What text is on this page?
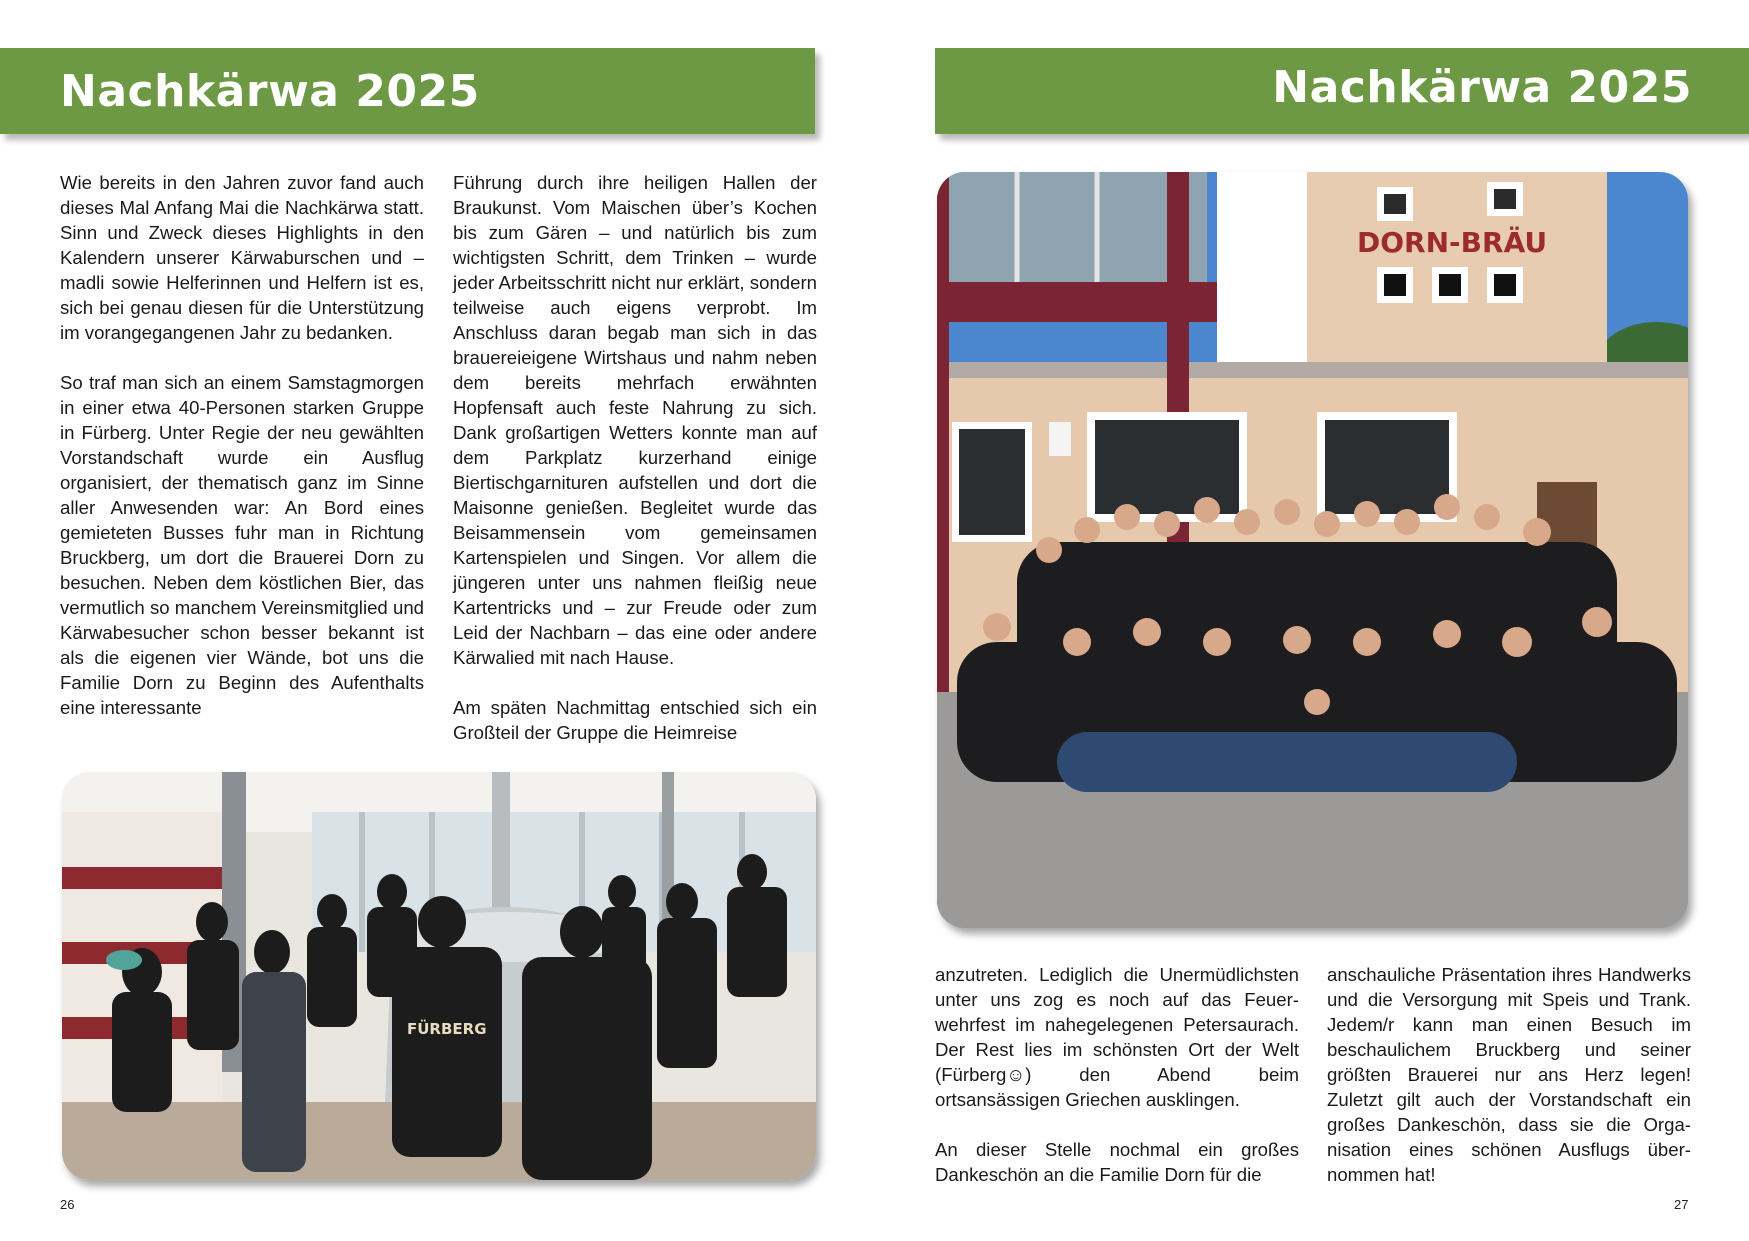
Nachkärwa 2025

Wie bereits in den Jahren zuvor fand auch dieses Mal Anfang Mai die Nachkärwa statt. Sinn und Zweck dieses Highlights in den Kalendern unserer Kärwaburschen und – madli sowie Helferinnen und Helfern ist es, sich bei genau diesen für die Unterstützung im vorangegangenen Jahr zu bedanken.

So traf man sich an einem Samstagmorgen in einer etwa 40-Personen starken Gruppe in Fürberg. Unter Regie der neu gewählten Vorstandschaft wurde ein Ausflug organisiert, der thematisch ganz im Sinne aller Anwesenden war: An Bord eines gemieteten Busses fuhr man in Richtung Bruckberg, um dort die Brauerei Dorn zu besuchen. Neben dem köstlichen Bier, das vermutlich so manchem Vereinsmitglied und Kärwabesucher schon besser bekannt ist als die eigenen vier Wände, bot uns die Familie Dorn zu Beginn des Aufenthalts eine interessante

Führung durch ihre heiligen Hallen der Braukunst. Vom Maischen über’s Kochen bis zum Gären – und natürlich bis zum wichtigsten Schritt, dem Trinken – wurde jeder Arbeitsschritt nicht nur erklärt, sondern teilweise auch eigens verprobt. Im Anschluss daran begab man sich in das brauereieigene Wirtshaus und nahm neben dem bereits mehrfach erwähnten Hopfensaft auch feste Nahrung zu sich. Dank großartigen Wetters konnte man auf dem Parkplatz kurzerhand einige Biertischgarnituren aufstellen und dort die Maisonne genießen. Begleitet wurde das Beisammensein vom gemeinsamen Kartenspielen und Singen. Vor allem die jüngeren unter uns nahmen fleißig neue Kartentricks und – zur Freude oder zum Leid der Nachbarn – das eine oder andere Kärwalied mit nach Hause.

Am späten Nachmittag entschied sich ein Großteil der Gruppe die Heimreise

FÜRBERG
26
Nachkärwa 2025
DORN-BRÄU

anzutreten. Lediglich die Unermüdlichsten unter uns zog es noch auf das Feuerwehrfest im nahegelegenen Petersaurach. Der Rest lies im schönsten Ort der Welt (Fürberg☺) den Abend beim ortsansässigen Griechen ausklingen.

An dieser Stelle nochmal ein großes Dankeschön an die Familie Dorn für die

anschauliche Präsentation ihres Handwerks und die Versorgung mit Speis und Trank. Jedem/r kann man einen Besuch im beschaulichem Bruckberg und seiner größten Brauerei nur ans Herz legen! Zuletzt gilt auch der Vorstandschaft ein großes Dankeschön, dass sie die Organisation eines schönen Ausflugs übernommen hat!

27
